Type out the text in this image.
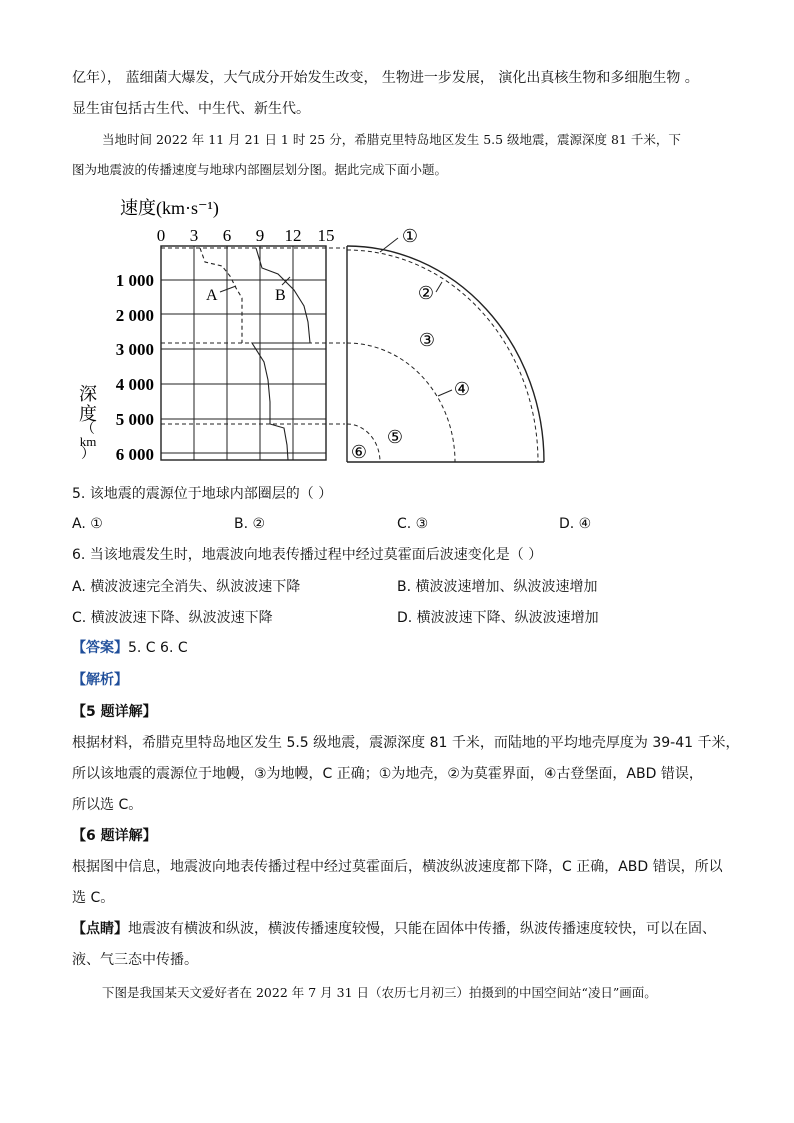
亿年）， 蓝细菌大爆发，大气成分开始发生改变， 生物进一步发展， 演化出真核生物和多细胞生物 。
显生宙包括古生代、中生代、新生代。
当地时间 2022 年 11 月 21 日 1 时 25 分，希腊克里特岛地区发生 5.5 级地震，震源深度 81 千米，下
图为地震波的传播速度与地球内部圈层划分图。据此完成下面小题。
速度(km·s⁻¹)
0 3 6 9 12 15
1 000
2 000
3 000
4 000
5 000
6 000
深
度
（
km
）
A	B
①
②
③
④
⑤
⑥
5. 该地震的震源位于地球内部圈层的（ ）
A. ①	B. ②	C. ③	D. ④
6. 当该地震发生时，地震波向地表传播过程中经过莫霍面后波速变化是（ ）
A. 横波波速完全消失、纵波波速下降	B. 横波波速增加、纵波波速增加
C. 横波波速下降、纵波波速下降	D. 横波波速下降、纵波波速增加
【答案】5. C 6. C
【解析】
【5 题详解】
根据材料，希腊克里特岛地区发生 5.5 级地震，震源深度 81 千米，而陆地的平均地壳厚度为 39-41 千米，
所以该地震的震源位于地幔，③为地幔，C 正确；①为地壳，②为莫霍界面，④古登堡面，ABD 错误，
所以选 C。
【6 题详解】
根据图中信息，地震波向地表传播过程中经过莫霍面后，横波纵波速度都下降，C 正确，ABD 错误，所以
选 C。
【点睛】地震波有横波和纵波，横波传播速度较慢，只能在固体中传播，纵波传播速度较快，可以在固、
液、气三态中传播。
下图是我国某天文爱好者在 2022 年 7 月 31 日（农历七月初三）拍摄到的中国空间站“凌日”画面。
